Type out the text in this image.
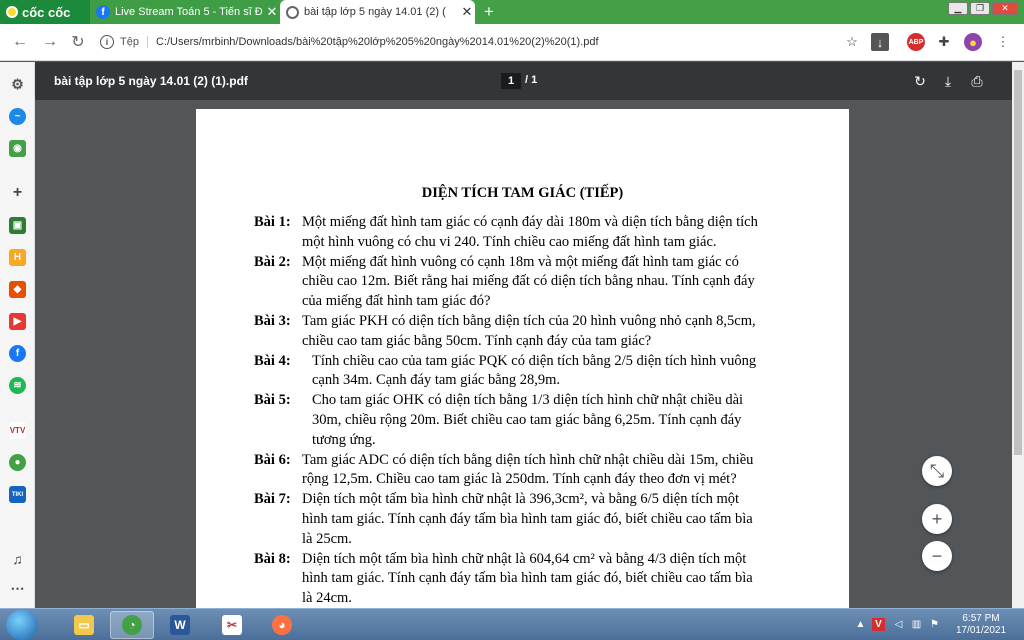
cốc cốc	f Live Stream Toán 5 - Tiến sĩ Đ ✕ bài tập lớp 5 ngày 14.01 (2) (	✕ +	▁	❐	✕
← → ↻	i	Tệp	C:/Users/mrbinh/Downloads/bài%20tập%20lớp%205%20ngày%2014.01%20(2)%20(1).pdf	☆	↓	ABP ✚	●	⋮
⚙
~
◉
+
▣
H
◆
▶
f
≋
VTV
●
TIKI
♫
⋯
bài tập lớp 5 ngày 14.01 (2) (1).pdf	1 / 1	↻	⤓	⎙
DIỆN TÍCH TAM GIÁC (TIẾP)
Bài 1: Một miếng đất hình tam giác có cạnh đáy dài 180m và diện tích bằng diện tích
một hình vuông có chu vi 240. Tính chiều cao miếng đất hình tam giác.
Bài 2: Một miếng đất hình vuông có cạnh 18m và một miếng đất hình tam giác có
chiều cao 12m. Biết rằng hai miếng đất có diện tích bằng nhau. Tính cạnh đáy
của miếng đất hình tam giác đó?
Bài 3: Tam giác PKH có diện tích bằng diện tích của 20 hình vuông nhỏ cạnh 8,5cm,
chiều cao tam giác bằng 50cm. Tính cạnh đáy của tam giác?
Bài 4: Tính chiều cao của tam giác PQK có diện tích bằng 2/5 diện tích hình vuông
cạnh 34m. Cạnh đáy tam giác bằng 28,9m.
Bài 5: Cho tam giác OHK có diện tích bằng 1/3 diện tích hình chữ nhật chiều dài
30m, chiều rộng 20m. Biết chiều cao tam giác bằng 6,25m. Tính cạnh đáy
tương ứng.
Bài 6: Tam giác ADC có diện tích bằng diện tích hình chữ nhật chiều dài 15m, chiều
rộng 12,5m. Chiều cao tam giác là 250dm. Tính cạnh đáy theo đơn vị mét?
Bài 7: Diện tích một tấm bìa hình chữ nhật là 396,3cm², và bằng 6/5 diện tích một
hình tam giác. Tính cạnh đáy tấm bìa hình tam giác đó, biết chiều cao tấm bìa
là 25cm.
Bài 8: Diện tích một tấm bìa hình chữ nhật là 604,64 cm² và bằng 4/3 diện tích một
hình tam giác. Tính cạnh đáy tấm bìa hình tam giác đó, biết chiều cao tấm bìa
là 24cm.
⤡
+
−
▭	◔	W	✂	◕	▲ V	◁ ▥ ⚑
6:57 PM
17/01/2021
